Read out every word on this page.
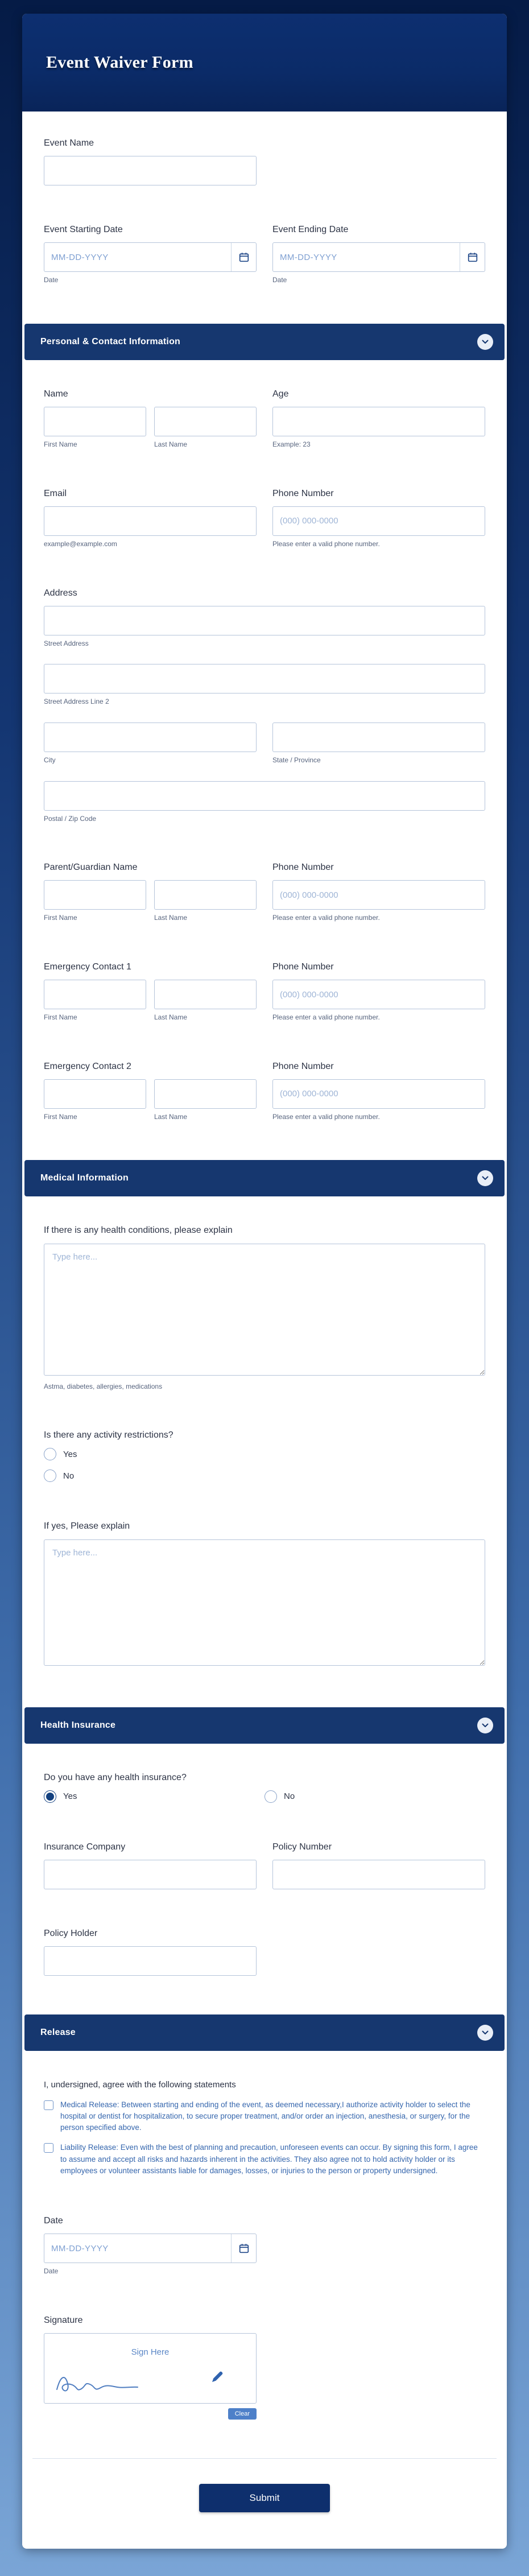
Event Waiver Form
Event Name
Event Starting Date
MM-DD-YYYY
Date
Event Ending Date
MM-DD-YYYY
Date
Personal & Contact Information
Name
First Name	Last Name
Age
Example: 23
Email
example@example.com
Phone Number
(000) 000-0000
Please enter a valid phone number.
Address
Street Address
Street Address Line 2
City	State / Province
Postal / Zip Code
Parent/Guardian Name
First Name	Last Name
Phone Number
(000) 000-0000
Please enter a valid phone number.
Emergency Contact 1
First Name	Last Name
Phone Number
(000) 000-0000
Please enter a valid phone number.
Emergency Contact 2
First Name	Last Name
Phone Number
(000) 000-0000
Please enter a valid phone number.
Medical Information
If there is any health conditions, please explain
Type here...
Astma, diabetes, allergies, medications
Is there any activity restrictions?
Yes
No
If yes, Please explain
Type here...
Health Insurance
Do you have any health insurance?
Yes	No
Insurance Company	Policy Number
Policy Holder
Release
I, undersigned, agree with the following statements
Medical Release: Between starting and ending of the event, as deemed necessary,I authorize activity holder to select the hospital or dentist for hospitalization, to secure proper treatment, and/or order an injection, anesthesia, or surgery, for the person specified above.
Liability Release: Even with the best of planning and precaution, unforeseen events can occur. By signing this form, I agree to assume and accept all risks and hazards inherent in the activities. They also agree not to hold activity holder or its employees or volunteer assistants liable for damages, losses, or injuries to the person or property undersigned.
Date
MM-DD-YYYY
Date
Signature
Sign Here
Clear
Submit
